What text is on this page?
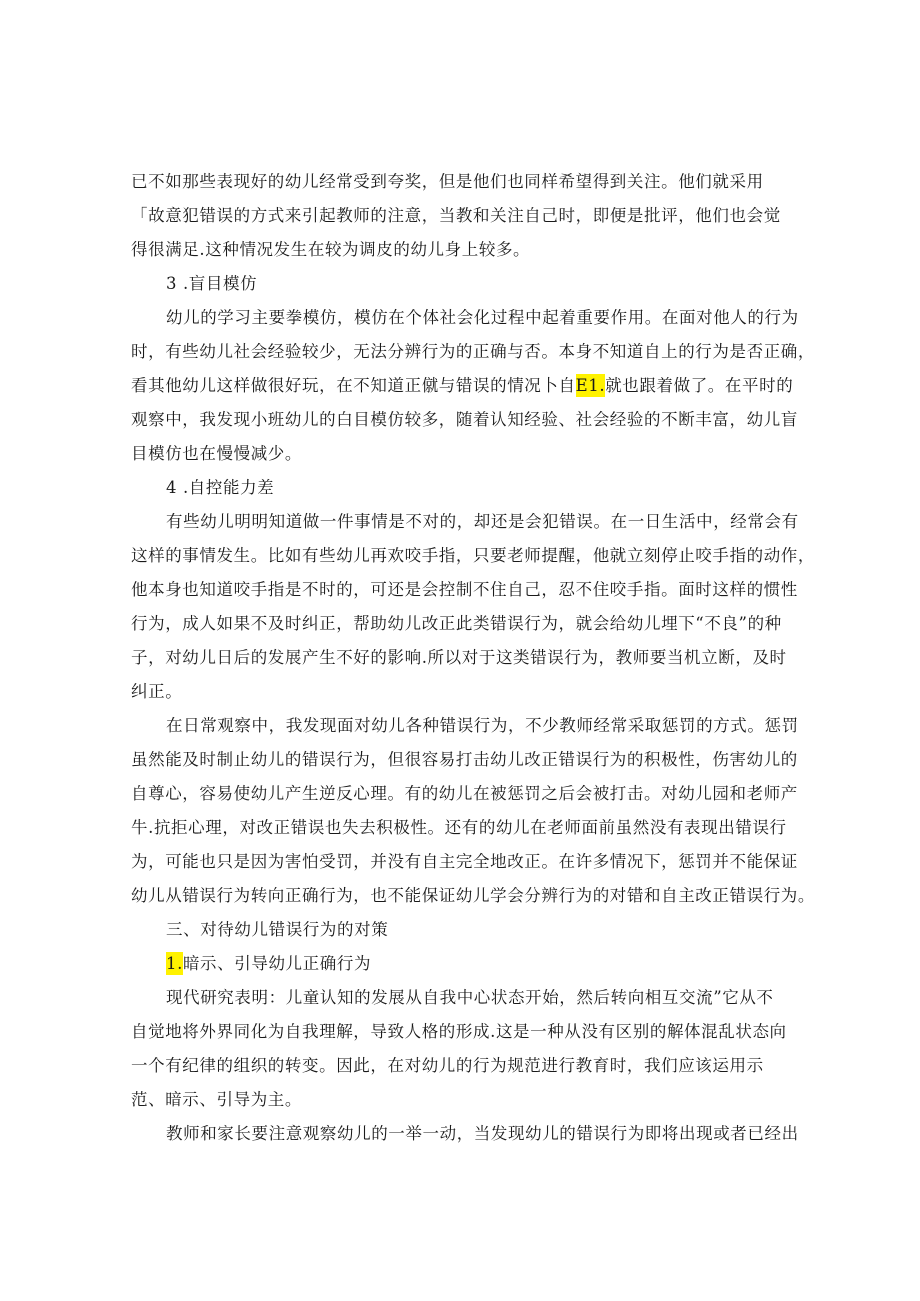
已不如那些表现好的幼儿经常受到夸奖，但是他们也同样希望得到关注。他们就采用
「故意犯错误的方式来引起教师的注意，当教和关注自己时，即便是批评，他们也会觉
得很满足.这种情况发生在较为调皮的幼儿身上较多。
3 .盲目模仿
幼儿的学习主要拳模仿，模仿在个体社会化过程中起着重要作用。在面对他人的行为
时，有些幼儿社会经验较少，无法分辨行为的正确与否。本身不知道自上的行为是否正确，
看其他幼儿这样做很好玩，在不知道正僦与错误的情况卜自E1.就也跟着做了。在平时的
观察中，我发现小班幼儿的白目模仿较多，随着认知经验、社会经验的不断丰富，幼儿盲
目模仿也在慢慢减少。
4 .自控能力差
有些幼儿明明知道做一件事情是不对的，却还是会犯错误。在一日生活中，经常会有
这样的事情发生。比如有些幼儿再欢咬手指，只要老师提醒，他就立刻停止咬手指的动作，
他本身也知道咬手指是不时的，可还是会控制不住自己，忍不住咬手指。面时这样的惯性
行为，成人如果不及时纠正，帮助幼儿改正此类错误行为，就会给幼儿埋下“不良”的种
子，对幼儿日后的发展产生不好的影响.所以对于这类错误行为，教师要当机立断，及时
纠正。
在日常观察中，我发现面对幼儿各种错误行为，不少教师经常采取惩罚的方式。惩罚
虽然能及时制止幼儿的错误行为，但很容易打击幼儿改正错误行为的积极性，伤害幼儿的
自尊心，容易使幼儿产生逆反心理。有的幼儿在被惩罚之后会被打击。对幼儿园和老师产
牛.抗拒心理，对改正错误也失去积极性。还有的幼儿在老师面前虽然没有表现出错误行
为，可能也只是因为害怕受罚，并没有自主完全地改正。在许多情况下，惩罚并不能保证
幼儿从错误行为转向正确行为，也不能保证幼儿学会分辨行为的对错和自主改正错误行为。
三、对待幼儿错误行为的对策
1.暗示、引导幼儿正确行为
现代研究表明：儿童认知的发展从自我中心状态开始，然后转向相互交流”它从不
自觉地将外界同化为自我理解，导致人格的形成.这是一种从没有区别的解体混乱状态向
一个有纪律的组织的转变。因此，在对幼儿的行为规范进行教育时，我们应该运用示
范、暗示、引导为主。
教师和家长要注意观察幼儿的一举一动，当发现幼儿的错误行为即将出现或者已经出
